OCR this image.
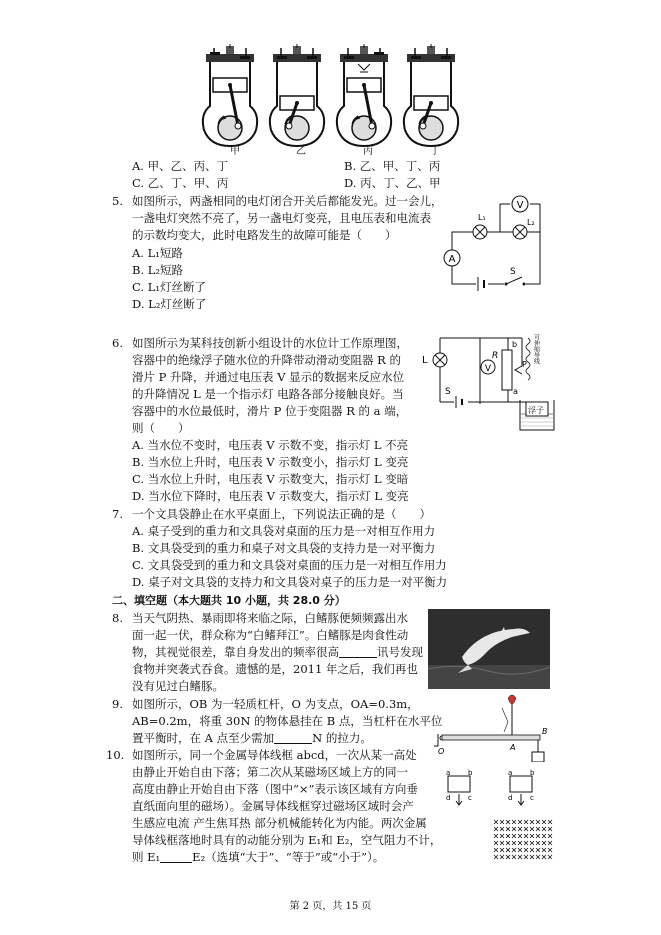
甲	乙	丙	丁
A. 甲、乙、丙、丁	B. 乙、甲、丁、丙
C. 乙、丁、甲、丙	D. 丙、丁、乙、甲
5. 如图所示，两盏相同的电灯闭合开关后都能发光。过一会儿，
一盏电灯突然不亮了，另一盏电灯变亮，且电压表和电流表
的示数均变大，此时电路发生的故障可能是（　　）
A. L₁短路
B. L₂短路
C. L₁灯丝断了
D. L₂灯丝断了
V
L₁
L₂
A
S
6. 如图所示为某科技创新小组设计的水位计工作原理图，
容器中的绝缘浮子随水位的升降带动滑动变阻器 R 的
滑片 P 升降，并通过电压表 V 显示的数据来反应水位
的升降情况 L 是一个指示灯 电路各部分接触良好。当
容器中的水位最低时，滑片 P 位于变阻器 R 的 a 端，
则（　　）
A. 当水位不变时，电压表 V 示数不变，指示灯 L 不亮
B. 当水位上升时，电压表 V 示数变小，指示灯 L 变亮
C. 当水位上升时，电压表 V 示数变大，指示灯 L 变暗
D. 当水位下降时，电压表 V 示数变大，指示灯 L 变亮
L
V
R
b
a
P
可伸缩导线
S
浮子
7. 一个文具袋静止在水平桌面上，下列说法正确的是（　　）
A. 桌子受到的重力和文具袋对桌面的压力是一对相互作用力
B. 文具袋受到的重力和桌子对文具袋的支持力是一对平衡力
C. 文具袋受到的重力和文具袋对桌面的压力是一对相互作用力
D. 桌子对文具袋的支持力和文具袋对桌子的压力是一对平衡力
二、填空题（本大题共 10 小题，共 28.0 分）
8. 当天气阴热、暴雨即将来临之际，白鳍豚便频频露出水
面一起一伏，群众称为“白鳍拜江”。白鳍豚是肉食性动
物，其视觉很差，靠自身发出的频率很高	讯号发现
食物并突袭式吞食。遗憾的是，2011 年之后，我们再也
没有见过白鳍豚。
9. 如图所示，OB 为一轻质杠杆，O 为支点，OA=0.3m，
AB=0.2m，将重 30N 的物体悬挂在 B 点，当杠杆在水平位
置平衡时，在 A 点至少需加	N 的拉力。
O	A
B
10. 如图所示，同一个金属导体线框 abcd，一次从某一高处
由静止开始自由下落；第二次从某磁场区域上方的同一
高度由静止开始自由下落（图中“×”表示该区域有方向垂
直纸面向里的磁场）。金属导体线框穿过磁场区域时会产
生感应电流 产生焦耳热 部分机械能转化为内能。两次金属
导体线框落地时具有的动能分别为 E₁和 E₂，空气阻力不计，
则 E₁	E₂（选填“大于”、“等于”或“小于”）。
a	b
d	c
a	b
d	c
第 2 页，共 15 页
